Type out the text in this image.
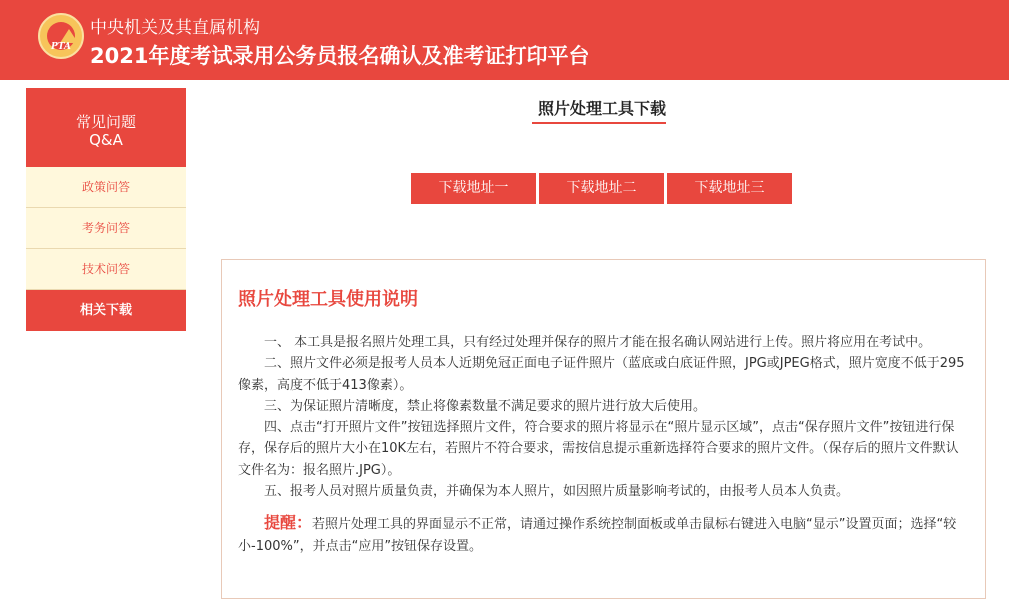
PTA
中央机关及其直属机构
2021年度考试录用公务员报名确认及准考证打印平台
常见问题
Q&A
政策问答
考务问答
技术问答
相关下载
照片处理工具下载
下载地址一	下载地址二	下载地址三
照片处理工具使用说明

一、 本工具是报名照片处理工具，只有经过处理并保存的照片才能在报名确认网站进行上传。照片将应用在考试中。

二、照片文件必须是报考人员本人近期免冠正面电子证件照片（蓝底或白底证件照，JPG或JPEG格式，照片宽度不低于295像素，高度不低于413像素）。

三、为保证照片清晰度，禁止将像素数量不满足要求的照片进行放大后使用。

四、点击“打开照片文件”按钮选择照片文件，符合要求的照片将显示在“照片显示区域”，点击“保存照片文件”按钮进行保存，保存后的照片大小在10K左右，若照片不符合要求，需按信息提示重新选择符合要求的照片文件。（保存后的照片文件默认文件名为：报名照片.JPG）。

五、报考人员对照片质量负责，并确保为本人照片，如因照片质量影响考试的，由报考人员本人负责。

提醒：若照片处理工具的界面显示不正常，请通过操作系统控制面板或单击鼠标右键进入电脑“显示”设置页面；选择“较小-100%”，并点击“应用”按钮保存设置。
